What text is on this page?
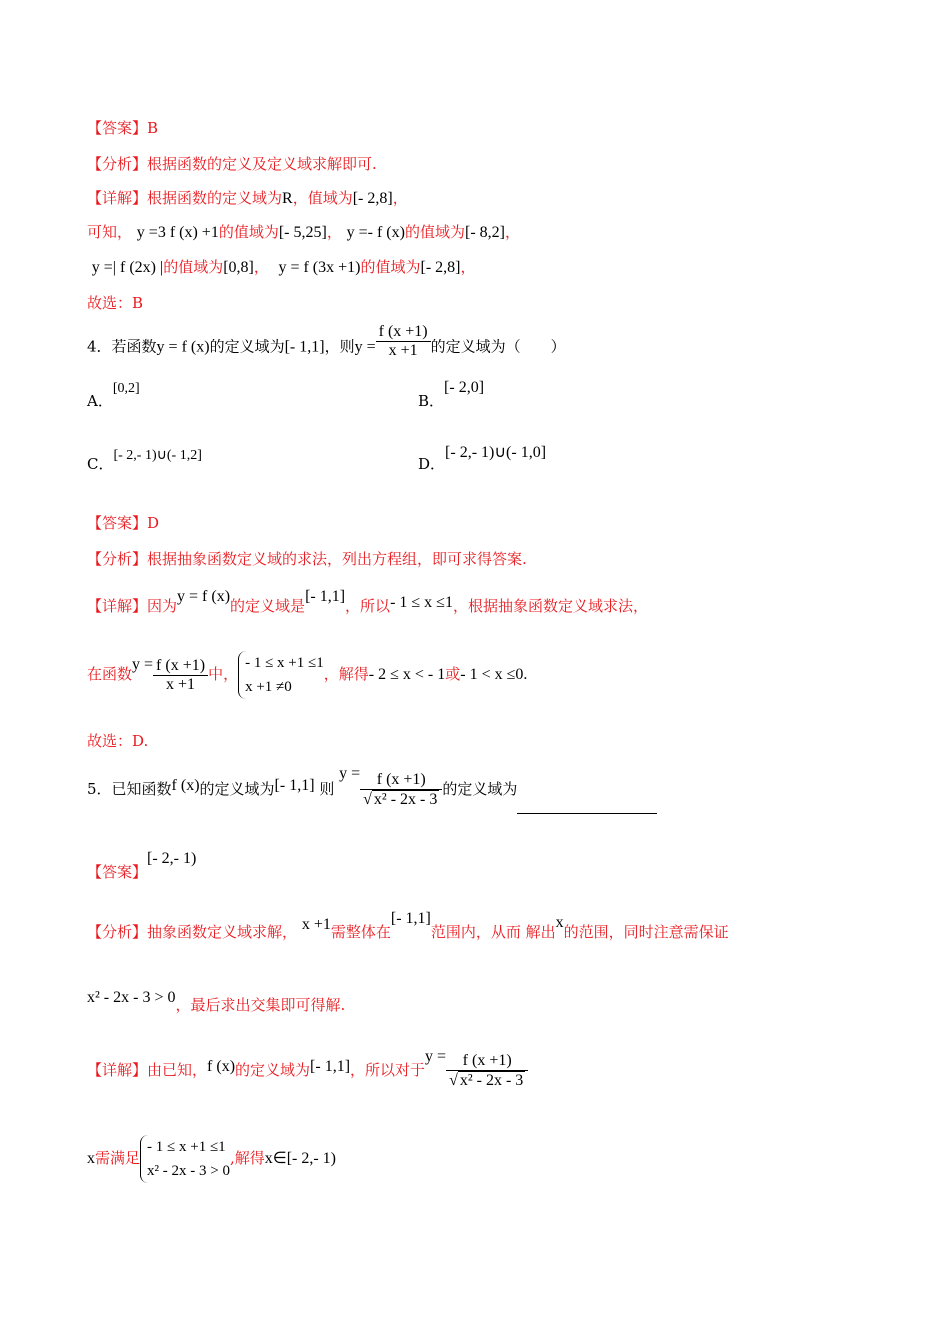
【答案】B
【分析】根据函数的定义及定义域求解即可.
【详解】根据函数的定义域为R，值域为[- 2,8]，
可知， y =3 f (x) +1的值域为[- 5,25]， y =- f (x)的值域为[- 8,2]，
y =| f (2x) |的值域为[0,8]， y = f (3x +1)的值域为[- 2,8]，
故选：B
4．若函数y = f (x)的定义域为[- 1,1]，则$y = \frac{f (x +1)}{x +1}$ 的定义域为（　　）
A．[0,2]
B．[- 2,0]
C．[- 2,- 1)∪(- 1,2]	D．[- 2,- 1)∪(- 1,0]
【答案】D
【分析】根据抽象函数定义域的求法，列出方程组，即可求得答案.
【详解】因为y = f (x)的定义域是[- 1,1]，所以- 1 ≤ x ≤1，根据抽象函数定义域求法，
在函数$y = \frac{f (x +1)}{x +1}$ 中，
- 1 ≤ x +1 ≤1
x +1 ≠0
，解得- 2 ≤ x < - 1或- 1 < x ≤0.
故选：D.
5．已知函数f (x)的定义域为[- 1,1] 则 $y = \frac{f (x +1)}{\text{√ x² - 2x - 3}}$ 的定义域为
【答案】[- 2,- 1)
【分析】抽象函数定义域求解， x +1需整体在[- 1,1]范围内，从而 解出x的范围，同时注意需保证
x² - 2x - 3 > 0，最后求出交集即可得解.
【详解】由已知，f (x)的定义域为[- 1,1]，所以对于$y = \frac{f (x +1)}{\text{√ x² - 2x - 3}}$
x需满足
- 1 ≤ x +1 ≤1
x² - 2x - 3 > 0
,解得x∈[- 2,- 1)
